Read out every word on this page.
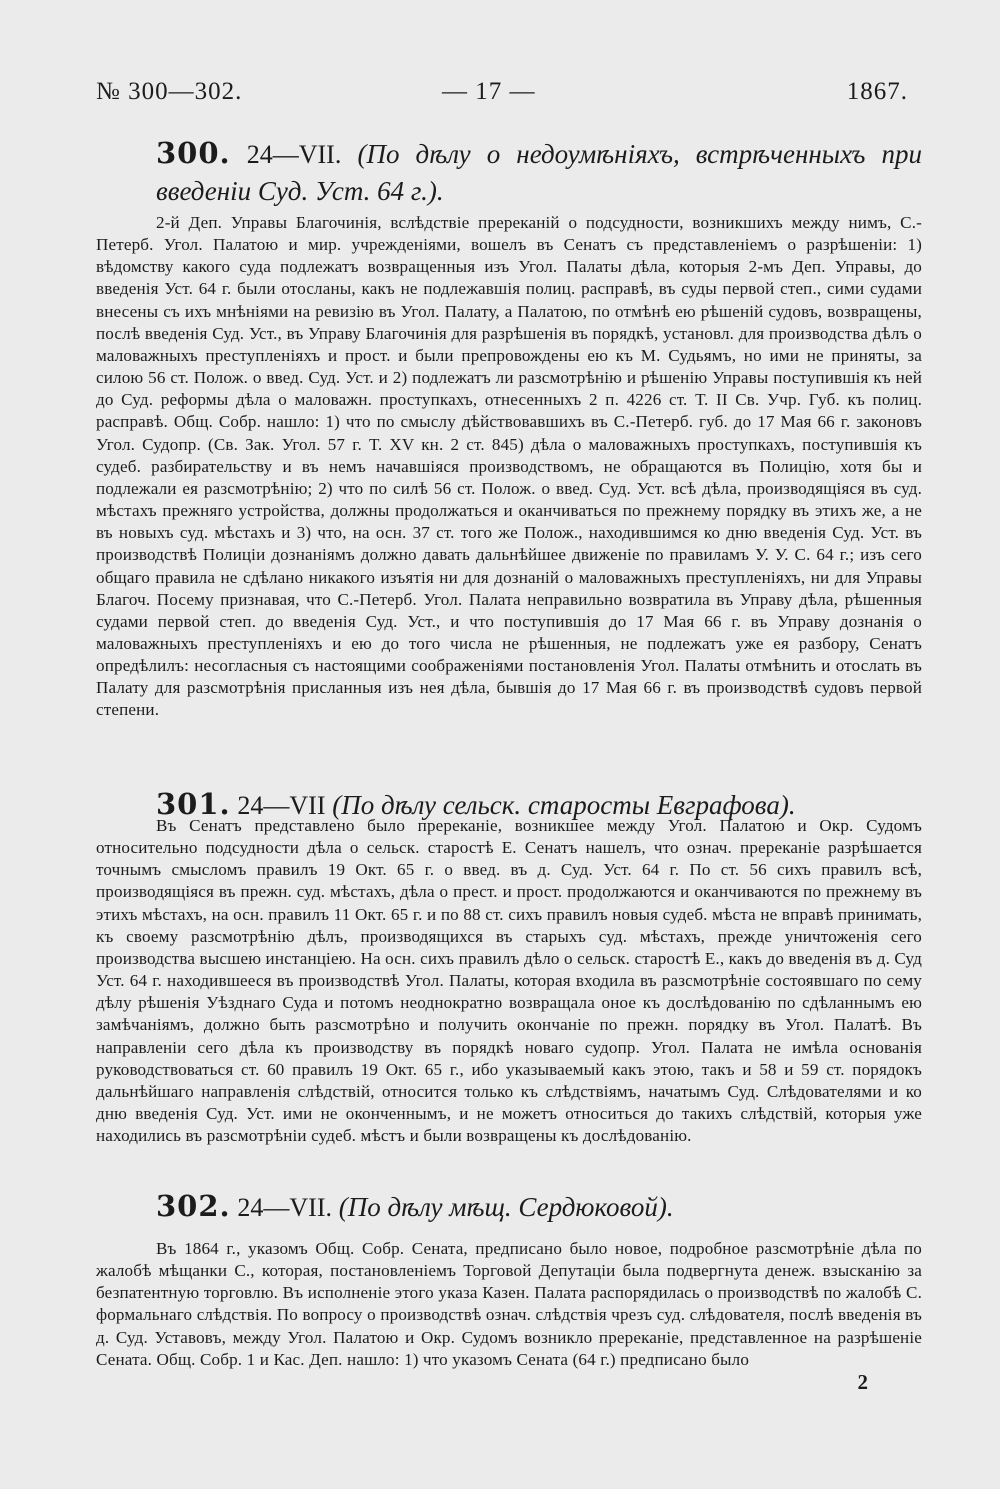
№ 300—302.	— 17 —	1867.
300. 24—VII. (По дѣлу о недоумѣніяхъ, встрѣченныхъ при введеніи Суд. Уст. 64 г.).
2-й Деп. Управы Благочинія, вслѣдствіе пререканій о подсудности, возникшихъ между нимъ, С.-Петерб. Угол. Палатою и мир. учрежденіями, вошелъ въ Сенатъ съ представленіемъ о разрѣшеніи: 1) вѣдомству какого суда подлежатъ возвращенныя изъ Угол. Палаты дѣла, которыя 2-мъ Деп. Управы, до введенія Уст. 64 г. были отосланы, какъ не подлежавшія полиц. расправѣ, въ суды первой степ., сими судами внесены съ ихъ мнѣніями на ревизію въ Угол. Палату, а Палатою, по отмѣнѣ ею рѣшеній судовъ, возвращены, послѣ введенія Суд. Уст., въ Управу Благочинія для разрѣшенія въ порядкѣ, установл. для производства дѣлъ о маловажныхъ преступленіяхъ и прост. и были препровождены ею къ М. Судьямъ, но ими не приняты, за силою 56 ст. Полож. о введ. Суд. Уст. и 2) подлежатъ ли разсмотрѣнію и рѣшенію Управы поступившія къ ней до Суд. реформы дѣла о маловажн. проступкахъ, отнесенныхъ 2 п. 4226 ст. Т. II Св. Учр. Губ. къ полиц. расправѣ. Общ. Собр. нашло: 1) что по смыслу дѣйствовавшихъ въ С.-Петерб. губ. до 17 Мая 66 г. законовъ Угол. Судопр. (Св. Зак. Угол. 57 г. Т. XV кн. 2 ст. 845) дѣла о маловажныхъ проступкахъ, поступившія къ судеб. разбирательству и въ немъ начавшіяся производствомъ, не обращаются въ Полицію, хотя бы и подлежали ея разсмотрѣнію; 2) что по силѣ 56 ст. Полож. о введ. Суд. Уст. всѣ дѣла, производящіяся въ суд. мѣстахъ прежняго устройства, должны продолжаться и оканчиваться по прежнему порядку въ этихъ же, а не въ новыхъ суд. мѣстахъ и 3) что, на осн. 37 ст. того же Полож., находившимся ко дню введенія Суд. Уст. въ производствѣ Полиціи дознаніямъ должно давать дальнѣйшее движеніе по правиламъ У. У. С. 64 г.; изъ сего общаго правила не сдѣлано никакого изъятія ни для дознаній о маловажныхъ преступленіяхъ, ни для Управы Благоч. Посему признавая, что С.-Петерб. Угол. Палата неправильно возвратила въ Управу дѣла, рѣшенныя судами первой степ. до введенія Суд. Уст., и что поступившія до 17 Мая 66 г. въ Управу дознанія о маловажныхъ преступленіяхъ и ею до того числа не рѣшенныя, не подлежатъ уже ея разбору, Сенатъ опредѣлилъ: несогласныя съ настоящими соображеніями постановленія Угол. Палаты отмѣнить и отослать въ Палату для разсмотрѣнія присланныя изъ нея дѣла, бывшія до 17 Мая 66 г. въ производствѣ судовъ первой степени.
301. 24—VII (По дѣлу сельск. старосты Евграфова).
Въ Сенатъ представлено было пререканіе, возникшее между Угол. Палатою и Окр. Судомъ относительно подсудности дѣла о сельск. старостѣ Е. Сенатъ нашелъ, что означ. пререканіе разрѣшается точнымъ смысломъ правилъ 19 Окт. 65 г. о введ. въ д. Суд. Уст. 64 г. По ст. 56 сихъ правилъ всѣ, производящіяся въ прежн. суд. мѣстахъ, дѣла о прест. и прост. продолжаются и оканчиваются по прежнему въ этихъ мѣстахъ, на осн. правилъ 11 Окт. 65 г. и по 88 ст. сихъ правилъ новыя судеб. мѣста не вправѣ принимать, къ своему разсмотрѣнію дѣлъ, производящихся въ старыхъ суд. мѣстахъ, прежде уничтоженія сего производства высшею инстанціею. На осн. сихъ правилъ дѣло о сельск. старостѣ Е., какъ до введенія въ д. Суд Уст. 64 г. находившееся въ производствѣ Угол. Палаты, которая входила въ разсмотрѣніе состоявшаго по сему дѣлу рѣшенія Уѣзднаго Суда и потомъ неоднократно возвращала оное къ дослѣдованію по сдѣланнымъ ею замѣчаніямъ, должно быть разсмотрѣно и получить окончаніе по прежн. порядку въ Угол. Палатѣ. Въ направленіи сего дѣла къ производству въ порядкѣ новаго судопр. Угол. Палата не имѣла основанія руководствоваться ст. 60 правилъ 19 Окт. 65 г., ибо указываемый какъ этою, такъ и 58 и 59 ст. порядокъ дальнѣйшаго направленія слѣдствій, относится только къ слѣдствіямъ, начатымъ Суд. Слѣдователями и ко дню введенія Суд. Уст. ими не оконченнымъ, и не можетъ относиться до такихъ слѣдствій, которыя уже находились въ разсмотрѣніи судеб. мѣстъ и были возвращены къ дослѣдованію.
302. 24—VII. (По дѣлу мѣщ. Сердюковой).
Въ 1864 г., указомъ Общ. Собр. Сената, предписано было новое, подробное разсмотрѣніе дѣла по жалобѣ мѣщанки С., которая, постановленіемъ Торговой Депутаціи была подвергнута денеж. взысканію за безпатентную торговлю. Въ исполненіе этого указа Казен. Палата распорядилась о производствѣ по жалобѣ С. формальнаго слѣдствія. По вопросу о производствѣ означ. слѣдствія чрезъ суд. слѣдователя, послѣ введенія въ д. Суд. Уставовъ, между Угол. Палатою и Окр. Судомъ возникло пререканіе, представленное на разрѣшеніе Сената. Общ. Собр. 1 и Кас. Деп. нашло: 1) что указомъ Сената (64 г.) предписано было
2
